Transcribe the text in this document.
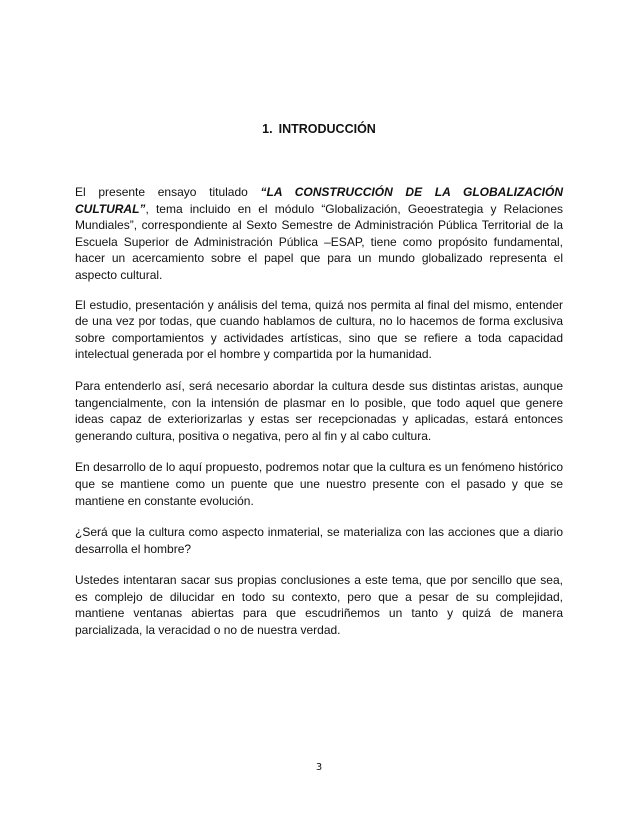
1. INTRODUCCIÓN

El presente ensayo titulado “LA CONSTRUCCIÓN DE LA GLOBALIZACIÓN CULTURAL”, tema incluido en el módulo “Globalización, Geoestrategia y Relaciones Mundiales”, correspondiente al Sexto Semestre de Administración Pública Territorial de la Escuela Superior de Administración Pública –ESAP, tiene como propósito fundamental, hacer un acercamiento sobre el papel que para un mundo globalizado representa el aspecto cultural.

El estudio, presentación y análisis del tema, quizá nos permita al final del mismo, entender de una vez por todas, que cuando hablamos de cultura, no lo hacemos de forma exclusiva sobre comportamientos y actividades artísticas, sino que se refiere a toda capacidad intelectual generada por el hombre y compartida por la humanidad.

Para entenderlo así, será necesario abordar la cultura desde sus distintas aristas, aunque tangencialmente, con la intensión de plasmar en lo posible, que todo aquel que genere ideas capaz de exteriorizarlas y estas ser recepcionadas y aplicadas, estará entonces generando cultura, positiva o negativa, pero al fin y al cabo cultura.

En desarrollo de lo aquí propuesto, podremos notar que la cultura es un fenómeno histórico que se mantiene como un puente que une nuestro presente con el pasado y que se mantiene en constante evolución.

¿Será que la cultura como aspecto inmaterial, se materializa con las acciones que a diario desarrolla el hombre?

Ustedes intentaran sacar sus propias conclusiones a este tema, que por sencillo que sea, es complejo de dilucidar en todo su contexto, pero que a pesar de su complejidad, mantiene ventanas abiertas para que escudriñemos un tanto y quizá de manera parcializada, la veracidad o no de nuestra verdad.

3
